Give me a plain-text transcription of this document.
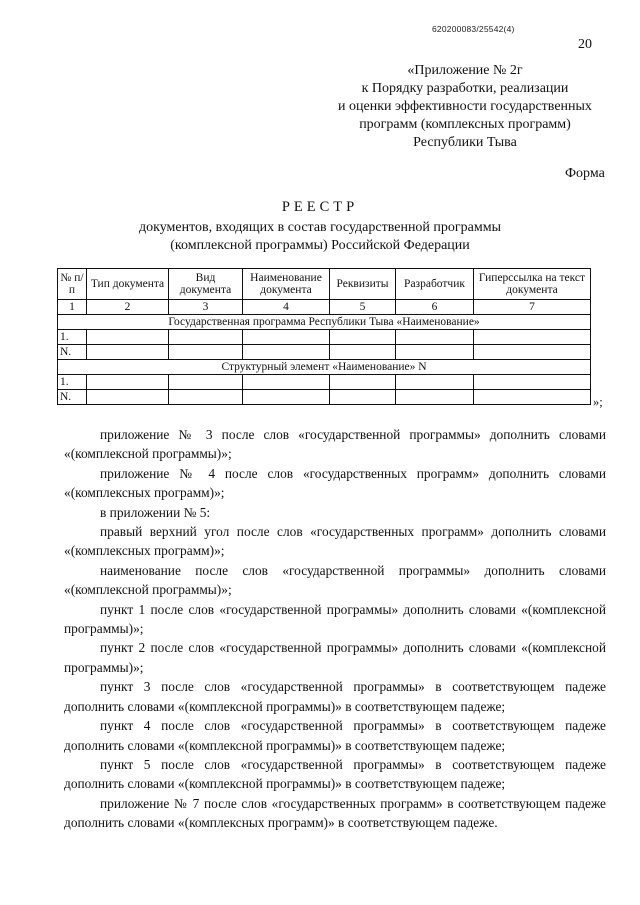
620200083/25542(4)
20
«Приложение № 2г
к Порядку разработки, реализации
и оценки эффективности государственных
программ (комплексных программ)
Республики Тыва
Форма
РЕЕСТР
документов, входящих в состав государственной программы
(комплексной программы) Российской Федерации
№ п/п	Тип документа	Вид документа	Наименование документа	Реквизиты	Разработчик	Гиперссылка на текст документа
1	2	3	4	5	6	7
Государственная программа Республики Тыва «Наименование»						
1.						
N.						
Структурный элемент «Наименование» N						
1.						
N.							»;

приложение № 3 после слов «государственной программы» дополнить словами «(комплексной программы)»;

приложение № 4 после слов «государственных программ» дополнить словами «(комплексных программ)»;

в приложении № 5:

правый верхний угол после слов «государственных программ» дополнить словами «(комплексных программ)»;

наименование после слов «государственной программы» дополнить словами «(комплексной программы)»;

пункт 1 после слов «государственной программы» дополнить словами «(комплексной программы)»;

пункт 2 после слов «государственной программы» дополнить словами «(комплексной программы)»;

пункт 3 после слов «государственной программы» в соответствующем падеже дополнить словами «(комплексной программы)» в соответствующем падеже;

пункт 4 после слов «государственной программы» в соответствующем падеже дополнить словами «(комплексной программы)» в соответствующем падеже;

пункт 5 после слов «государственной программы» в соответствующем падеже дополнить словами «(комплексной программы)» в соответствующем падеже;

приложение № 7 после слов «государственных программ» в соответствующем падеже дополнить словами «(комплексных программ)» в соответствующем падеже.
